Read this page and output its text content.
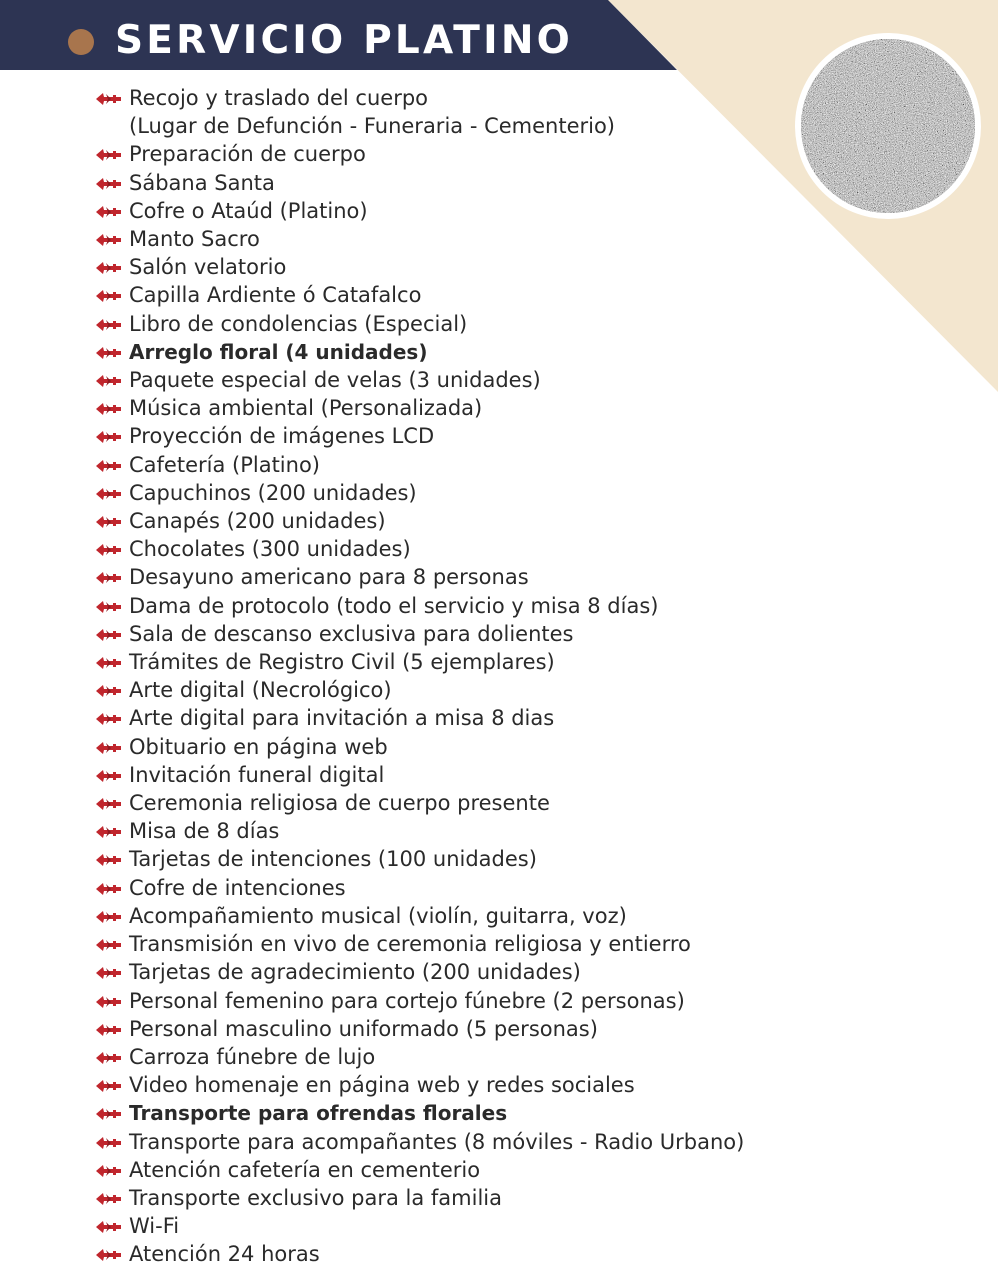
SERVICIO PLATINO
Recojo y traslado del cuerpo
(Lugar de Defunción - Funeraria - Cementerio)
Preparación de cuerpo
Sábana Santa
Cofre o Ataúd (Platino)
Manto Sacro
Salón velatorio
Capilla Ardiente ó Catafalco
Libro de condolencias (Especial)
Arreglo floral (4 unidades)
Paquete especial de velas (3 unidades)
Música ambiental (Personalizada)
Proyección de imágenes LCD
Cafetería (Platino)
Capuchinos (200 unidades)
Canapés (200 unidades)
Chocolates (300 unidades)
Desayuno americano para 8 personas
Dama de protocolo (todo el servicio y misa 8 días)
Sala de descanso exclusiva para dolientes
Trámites de Registro Civil (5 ejemplares)
Arte digital (Necrológico)
Arte digital para invitación a misa 8 dias
Obituario en página web
Invitación funeral digital
Ceremonia religiosa de cuerpo presente
Misa de 8 días
Tarjetas de intenciones (100 unidades)
Cofre de intenciones
Acompañamiento musical (violín, guitarra, voz)
Transmisión en vivo de ceremonia religiosa y entierro
Tarjetas de agradecimiento (200 unidades)
Personal femenino para cortejo fúnebre (2 personas)
Personal masculino uniformado (5 personas)
Carroza fúnebre de lujo
Video homenaje en página web y redes sociales
Transporte para ofrendas florales
Transporte para acompañantes (8 móviles - Radio Urbano)
Atención cafetería en cementerio
Transporte exclusivo para la familia
Wi-Fi
Atención 24 horas
